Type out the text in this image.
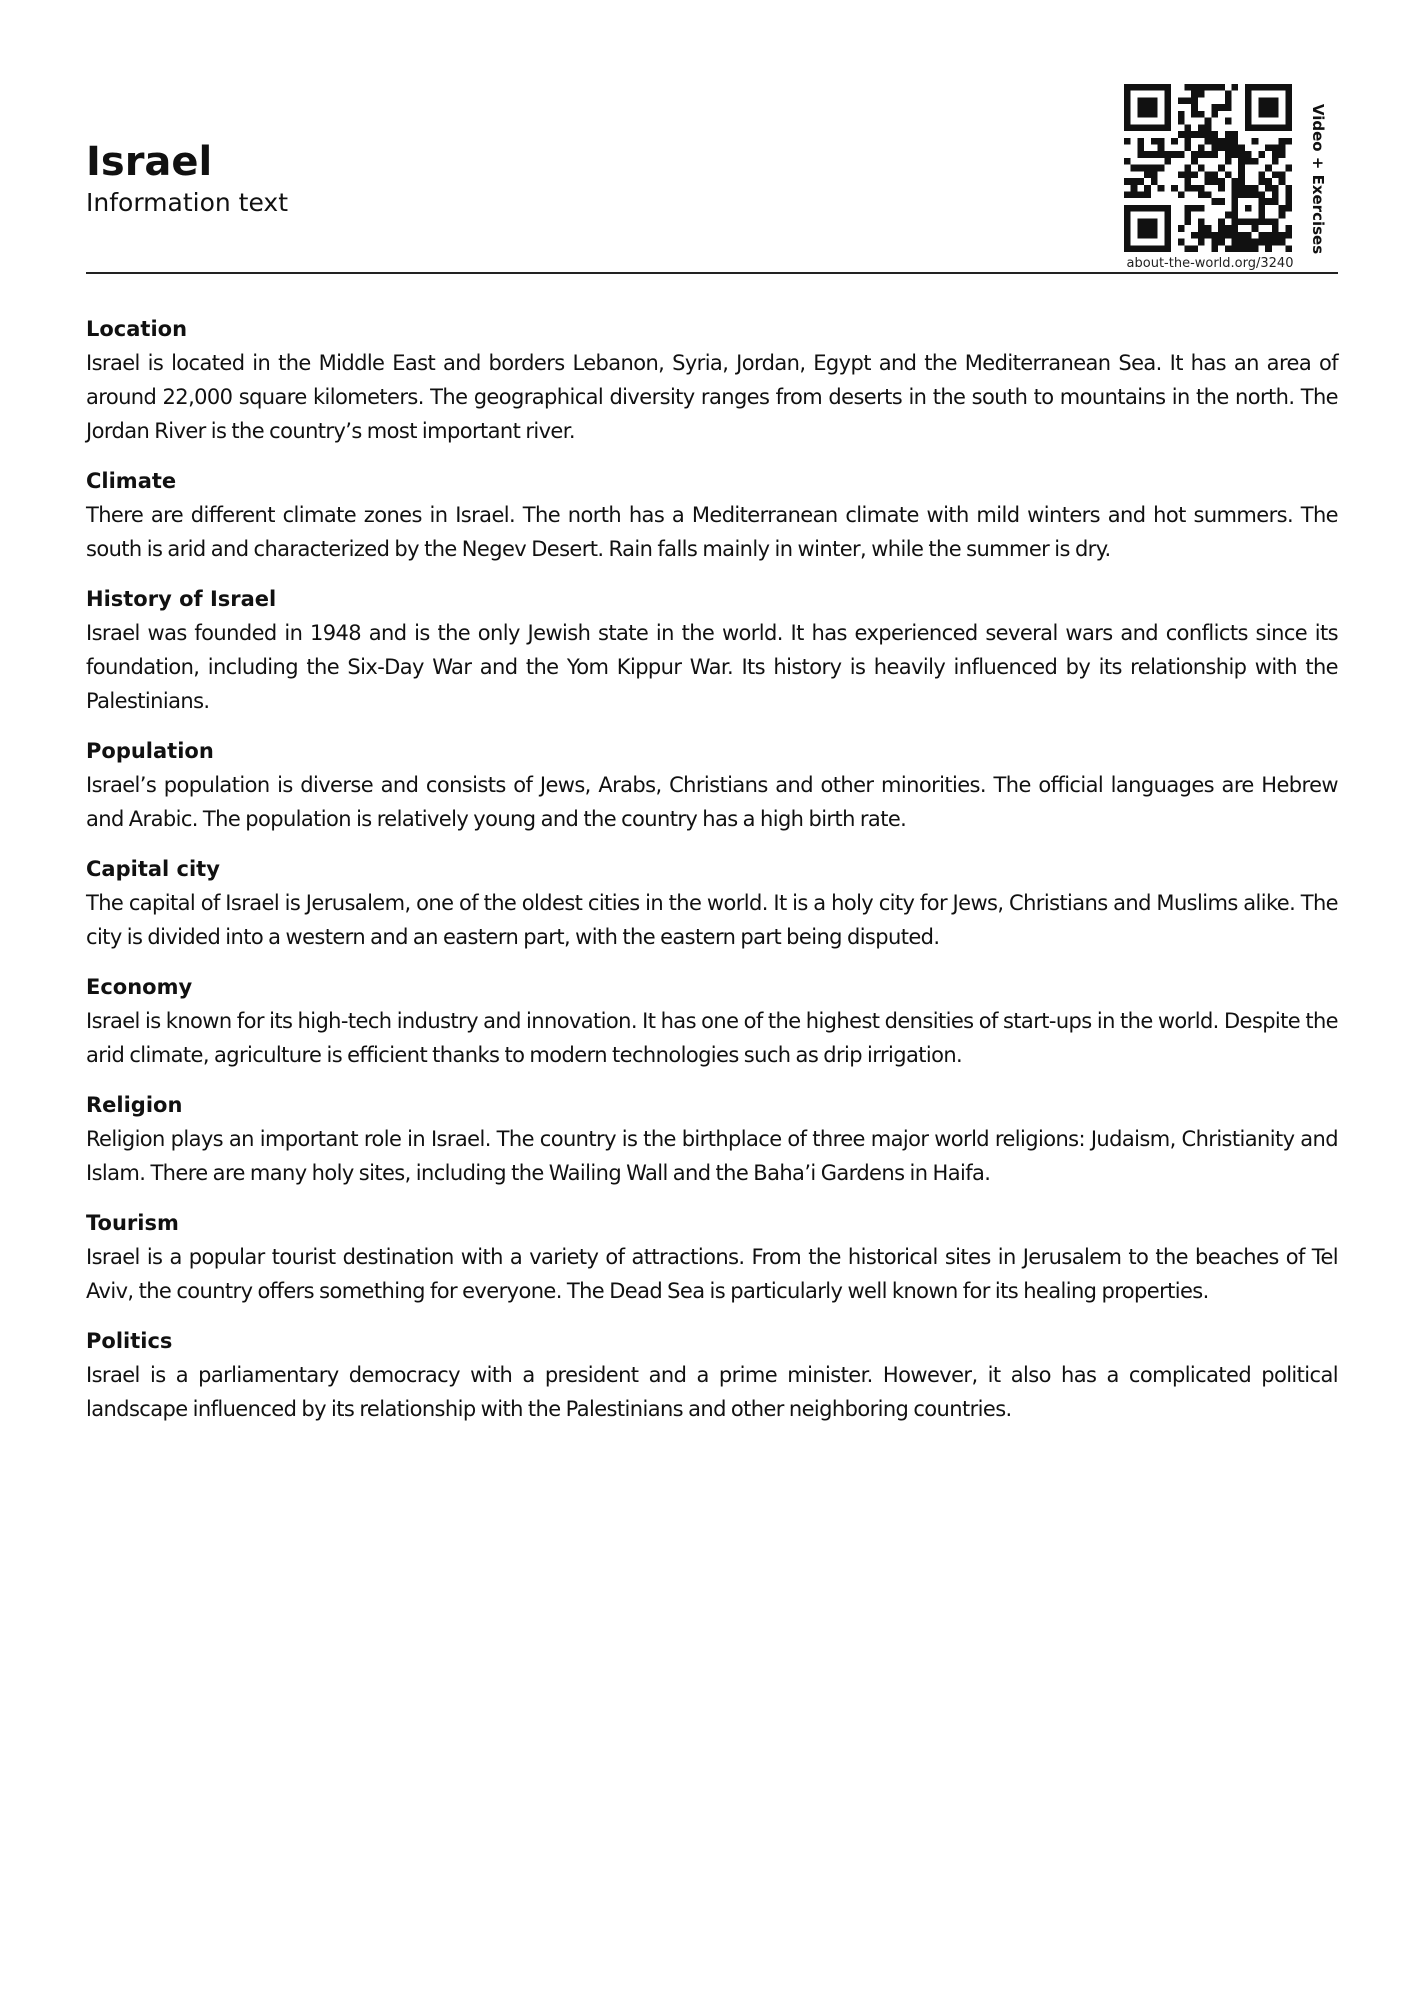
Israel

Information text

about-the-world.org/3240
Video + Exercises

Location

Israel is located in the Middle East and borders Lebanon, Syria, Jordan, Egypt and the Mediterranean Sea. It has an area of around 22,000 square kilometers. The geographical diversity ranges from deserts in the south to mountains in the north. The Jordan River is the country’s most important river.

Climate

There are different climate zones in Israel. The north has a Mediterranean climate with mild winters and hot summers. The south is arid and characterized by the Negev Desert. Rain falls mainly in winter, while the summer is dry.

History of Israel

Israel was founded in 1948 and is the only Jewish state in the world. It has experienced several wars and conflicts since its foundation, including the Six-Day War and the Yom Kippur War. Its history is heavily influenced by its relationship with the Palestinians.

Population

Israel’s population is diverse and consists of Jews, Arabs, Christians and other minorities. The official languages are Hebrew and Arabic. The population is relatively young and the country has a high birth rate.

Capital city

The capital of Israel is Jerusalem, one of the oldest cities in the world. It is a holy city for Jews, Christians and Muslims alike. The city is divided into a western and an eastern part, with the eastern part being disputed.

Economy

Israel is known for its high-tech industry and innovation. It has one of the highest densities of start-ups in the world. Despite the arid climate, agriculture is efficient thanks to modern technologies such as drip irrigation.

Religion

Religion plays an important role in Israel. The country is the birthplace of three major world religions: Judaism, Christianity and Islam. There are many holy sites, including the Wailing Wall and the Baha’i Gardens in Haifa.

Tourism

Israel is a popular tourist destination with a variety of attractions. From the historical sites in Jerusalem to the beaches of Tel Aviv, the country offers something for everyone. The Dead Sea is particularly well known for its healing properties.

Politics

Israel is a parliamentary democracy with a president and a prime minister. However, it also has a complicated political landscape influenced by its relationship with the Palestinians and other neighboring countries.
